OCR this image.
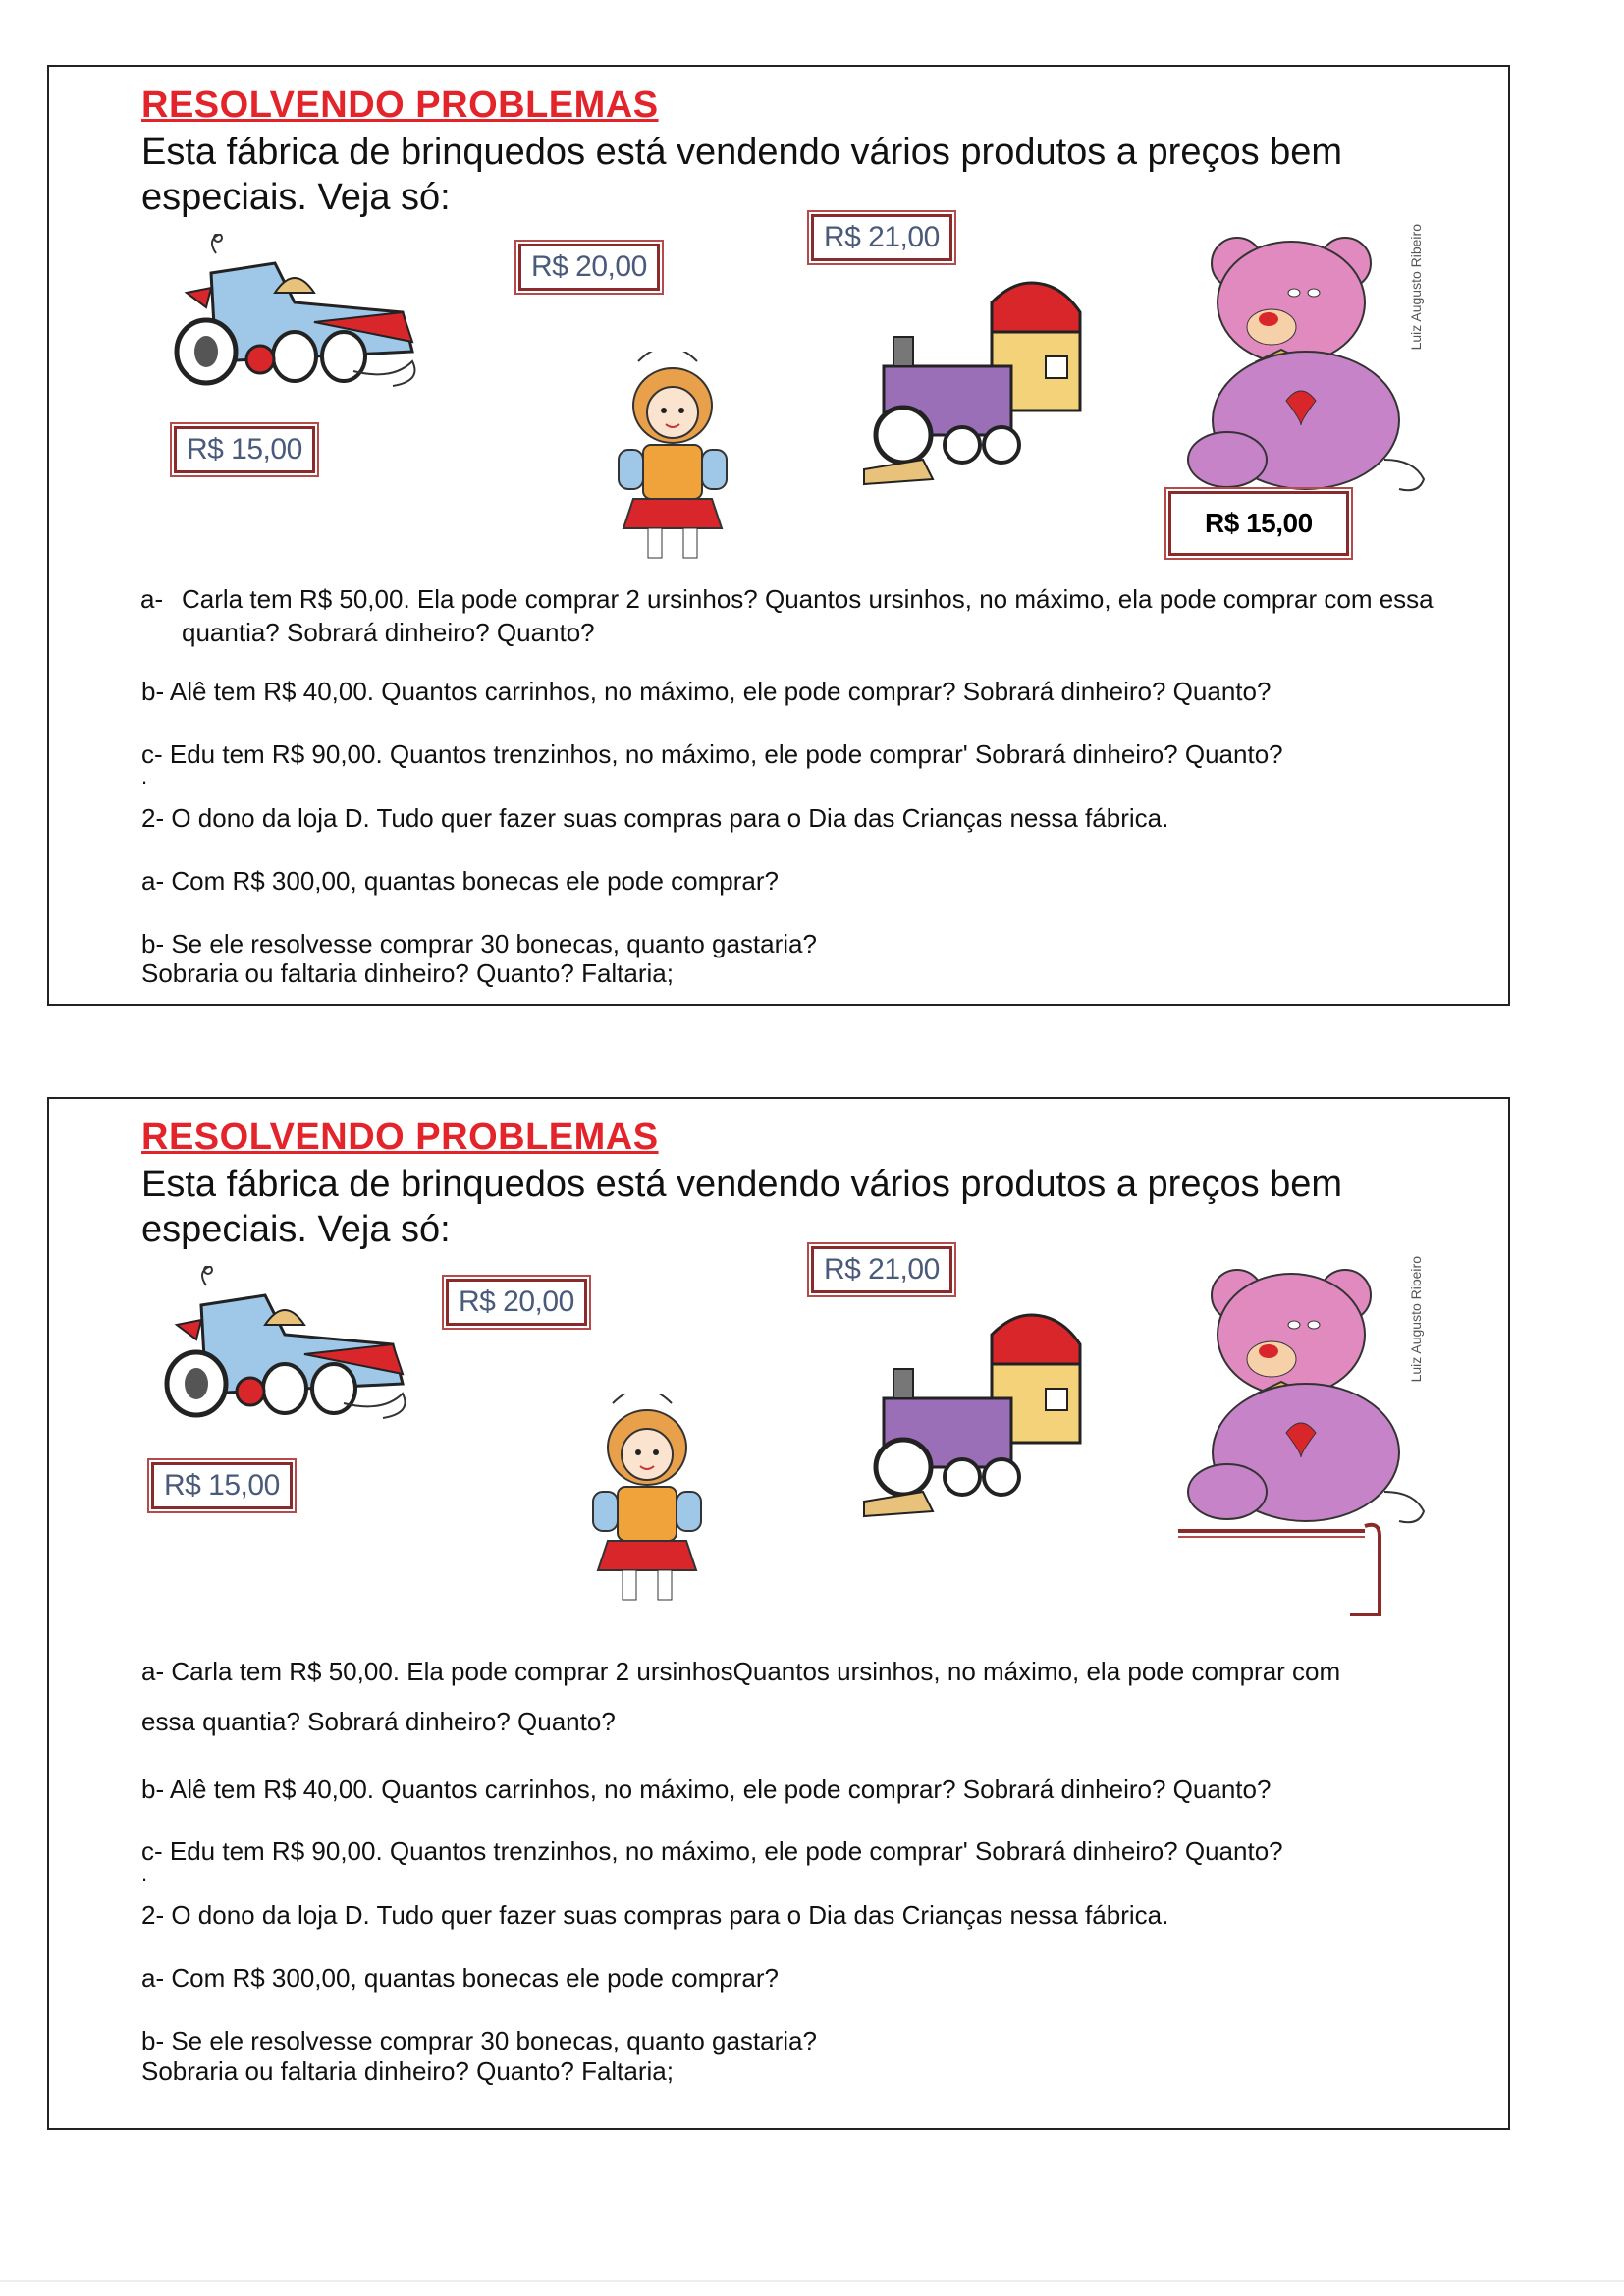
RESOLVENDO PROBLEMAS
Esta fábrica de brinquedos está vendendo vários produtos a preços bem especiais. Veja só:
R$ 15,00
R$ 20,00
R$ 21,00	Luiz Augusto Ribeiro
R$ 15,00
a- Carla tem R$ 50,00. Ela pode comprar 2 ursinhos? Quantos ursinhos, no máximo, ela pode comprar com essa quantia? Sobrará dinheiro? Quanto?
b- Alê tem R$ 40,00. Quantos carrinhos, no máximo, ele pode comprar? Sobrará dinheiro? Quanto?
c- Edu tem R$ 90,00. Quantos trenzinhos, no máximo, ele pode comprar' Sobrará dinheiro? Quanto?
.
2- O dono da loja D. Tudo quer fazer suas compras para o Dia das Crianças nessa fábrica.
a- Com R$ 300,00, quantas bonecas ele pode comprar?
b- Se ele resolvesse comprar 30 bonecas, quanto gastaria?
Sobraria ou faltaria dinheiro? Quanto? Faltaria;
RESOLVENDO PROBLEMAS
Esta fábrica de brinquedos está vendendo vários produtos a preços bem especiais. Veja só:
R$ 15,00
R$ 20,00
R$ 21,00	Luiz Augusto Ribeiro
a- Carla tem R$ 50,00. Ela pode comprar 2 ursinhosQuantos ursinhos, no máximo, ela pode comprar com
essa quantia? Sobrará dinheiro? Quanto?
b- Alê tem R$ 40,00. Quantos carrinhos, no máximo, ele pode comprar? Sobrará dinheiro? Quanto?
c- Edu tem R$ 90,00. Quantos trenzinhos, no máximo, ele pode comprar' Sobrará dinheiro? Quanto?
.
2- O dono da loja D. Tudo quer fazer suas compras para o Dia das Crianças nessa fábrica.
a- Com R$ 300,00, quantas bonecas ele pode comprar?
b- Se ele resolvesse comprar 30 bonecas, quanto gastaria?
Sobraria ou faltaria dinheiro? Quanto? Faltaria;
